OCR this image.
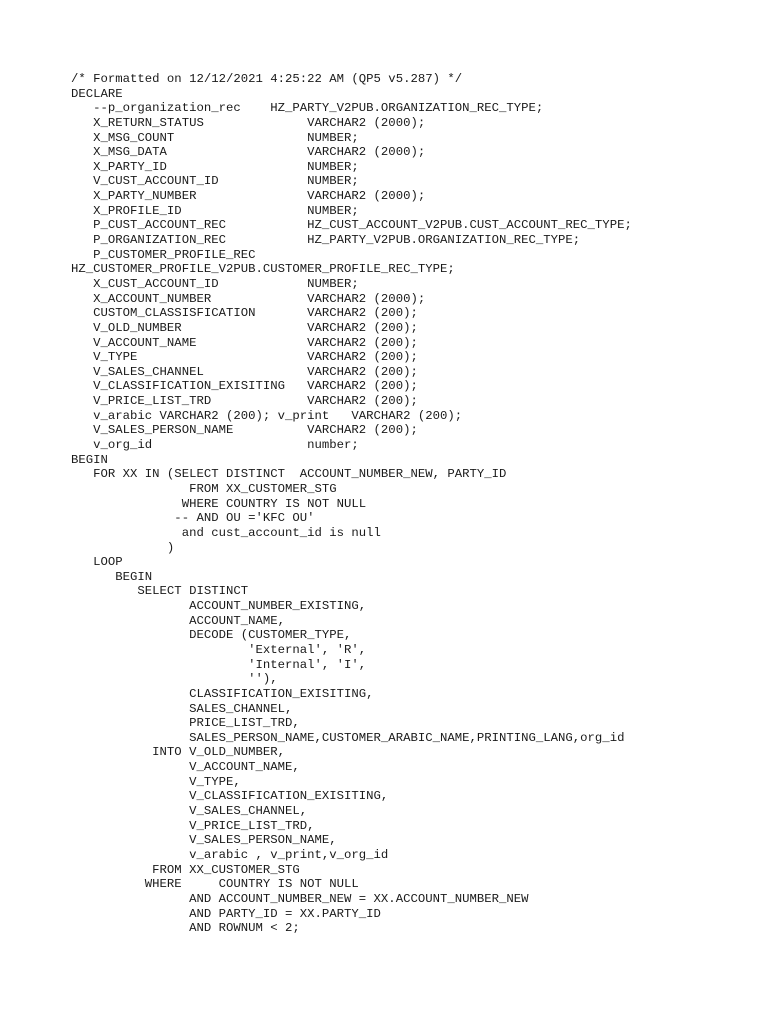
/* Formatted on 12/12/2021 4:25:22 AM (QP5 v5.287) */
DECLARE
--p_organization_rec    HZ_PARTY_V2PUB.ORGANIZATION_REC_TYPE;
X_RETURN_STATUS              VARCHAR2 (2000);
X_MSG_COUNT                  NUMBER;
X_MSG_DATA                   VARCHAR2 (2000);
X_PARTY_ID                   NUMBER;
V_CUST_ACCOUNT_ID            NUMBER;
X_PARTY_NUMBER               VARCHAR2 (2000);
X_PROFILE_ID                 NUMBER;
P_CUST_ACCOUNT_REC           HZ_CUST_ACCOUNT_V2PUB.CUST_ACCOUNT_REC_TYPE;
P_ORGANIZATION_REC           HZ_PARTY_V2PUB.ORGANIZATION_REC_TYPE;
P_CUSTOMER_PROFILE_REC
HZ_CUSTOMER_PROFILE_V2PUB.CUSTOMER_PROFILE_REC_TYPE;
X_CUST_ACCOUNT_ID            NUMBER;
X_ACCOUNT_NUMBER             VARCHAR2 (2000);
CUSTOM_CLASSISFICATION       VARCHAR2 (200);
V_OLD_NUMBER                 VARCHAR2 (200);
V_ACCOUNT_NAME               VARCHAR2 (200);
V_TYPE                       VARCHAR2 (200);
V_SALES_CHANNEL              VARCHAR2 (200);
V_CLASSIFICATION_EXISITING   VARCHAR2 (200);
V_PRICE_LIST_TRD             VARCHAR2 (200);
v_arabic VARCHAR2 (200); v_print   VARCHAR2 (200);
V_SALES_PERSON_NAME          VARCHAR2 (200);
v_org_id                     number;
BEGIN
FOR XX IN (SELECT DISTINCT  ACCOUNT_NUMBER_NEW, PARTY_ID
FROM XX_CUSTOMER_STG
WHERE COUNTRY IS NOT NULL
-- AND OU ='KFC OU'
and cust_account_id is null
)
LOOP
BEGIN
SELECT DISTINCT
ACCOUNT_NUMBER_EXISTING,
ACCOUNT_NAME,
DECODE (CUSTOMER_TYPE,
'External', 'R',
'Internal', 'I',
''),
CLASSIFICATION_EXISITING,
SALES_CHANNEL,
PRICE_LIST_TRD,
SALES_PERSON_NAME,CUSTOMER_ARABIC_NAME,PRINTING_LANG,org_id
INTO V_OLD_NUMBER,
V_ACCOUNT_NAME,
V_TYPE,
V_CLASSIFICATION_EXISITING,
V_SALES_CHANNEL,
V_PRICE_LIST_TRD,
V_SALES_PERSON_NAME,
v_arabic , v_print,v_org_id
FROM XX_CUSTOMER_STG
WHERE     COUNTRY IS NOT NULL
AND ACCOUNT_NUMBER_NEW = XX.ACCOUNT_NUMBER_NEW
AND PARTY_ID = XX.PARTY_ID
AND ROWNUM < 2;
